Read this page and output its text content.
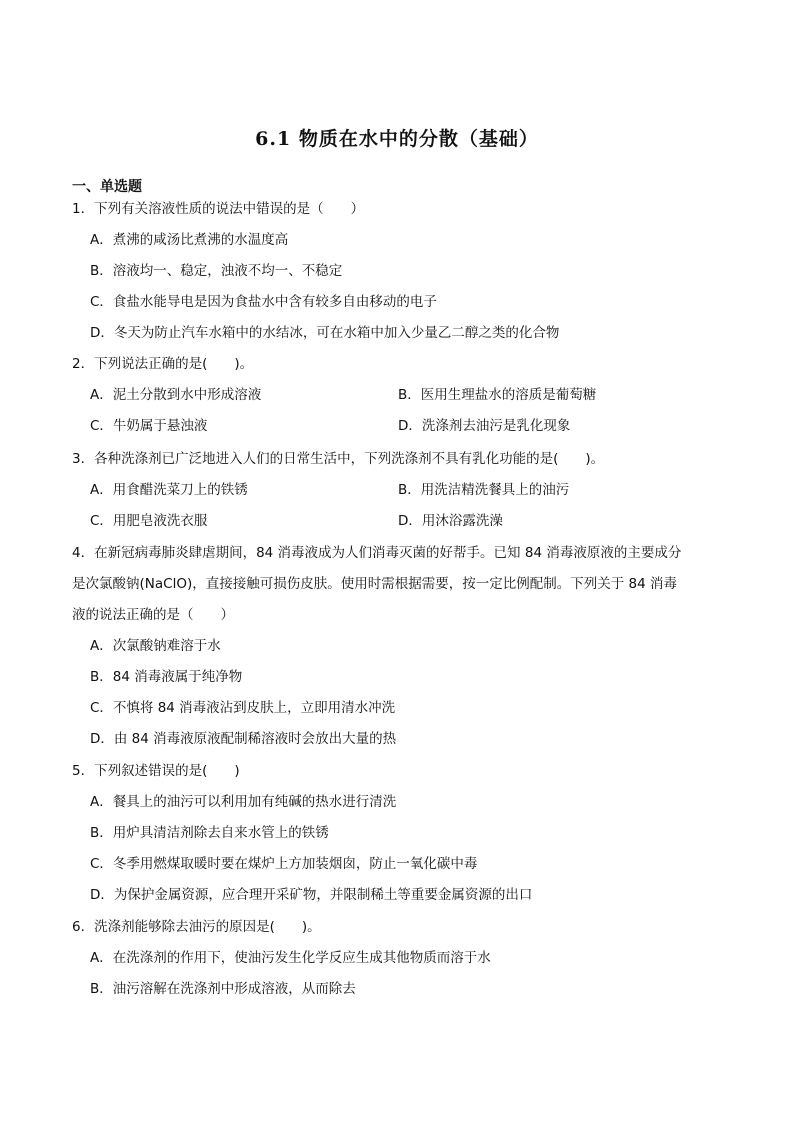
6.1 物质在水中的分散（基础）
一、单选题
1．下列有关溶液性质的说法中错误的是（　　）
A．煮沸的咸汤比煮沸的水温度高
B．溶液均一、稳定，浊液不均一、不稳定
C．食盐水能导电是因为食盐水中含有较多自由移动的电子
D．冬天为防止汽车水箱中的水结冰，可在水箱中加入少量乙二醇之类的化合物
2．下列说法正确的是(　　)。
A．泥土分散到水中形成溶液	B．医用生理盐水的溶质是葡萄糖
C．牛奶属于悬浊液	D．洗涤剂去油污是乳化现象
3．各种洗涤剂已广泛地进入人们的日常生活中，下列洗涤剂不具有乳化功能的是(　　)。
A．用食醋洗菜刀上的铁锈	B．用洗洁精洗餐具上的油污
C．用肥皂液洗衣服	D．用沐浴露洗澡
4．在新冠病毒肺炎肆虐期间，84 消毒液成为人们消毒灭菌的好帮手。已知 84 消毒液原液的主要成分
是次氯酸钠(NaClO)，直接接触可损伤皮肤。使用时需根据需要，按一定比例配制。下列关于 84 消毒
液的说法正确的是（　　）
A．次氯酸钠难溶于水
B．84 消毒液属于纯净物
C．不慎将 84 消毒液沾到皮肤上，立即用清水冲洗
D．由 84 消毒液原液配制稀溶液时会放出大量的热
5．下列叙述错误的是(　　)
A．餐具上的油污可以利用加有纯碱的热水进行清洗
B．用炉具清洁剂除去自来水管上的铁锈
C．冬季用燃煤取暖时要在煤炉上方加装烟囱，防止一氧化碳中毒
D．为保护金属资源，应合理开采矿物，并限制稀土等重要金属资源的出口
6．洗涤剂能够除去油污的原因是(　　)。
A．在洗涤剂的作用下，使油污发生化学反应生成其他物质而溶于水
B．油污溶解在洗涤剂中形成溶液，从而除去
